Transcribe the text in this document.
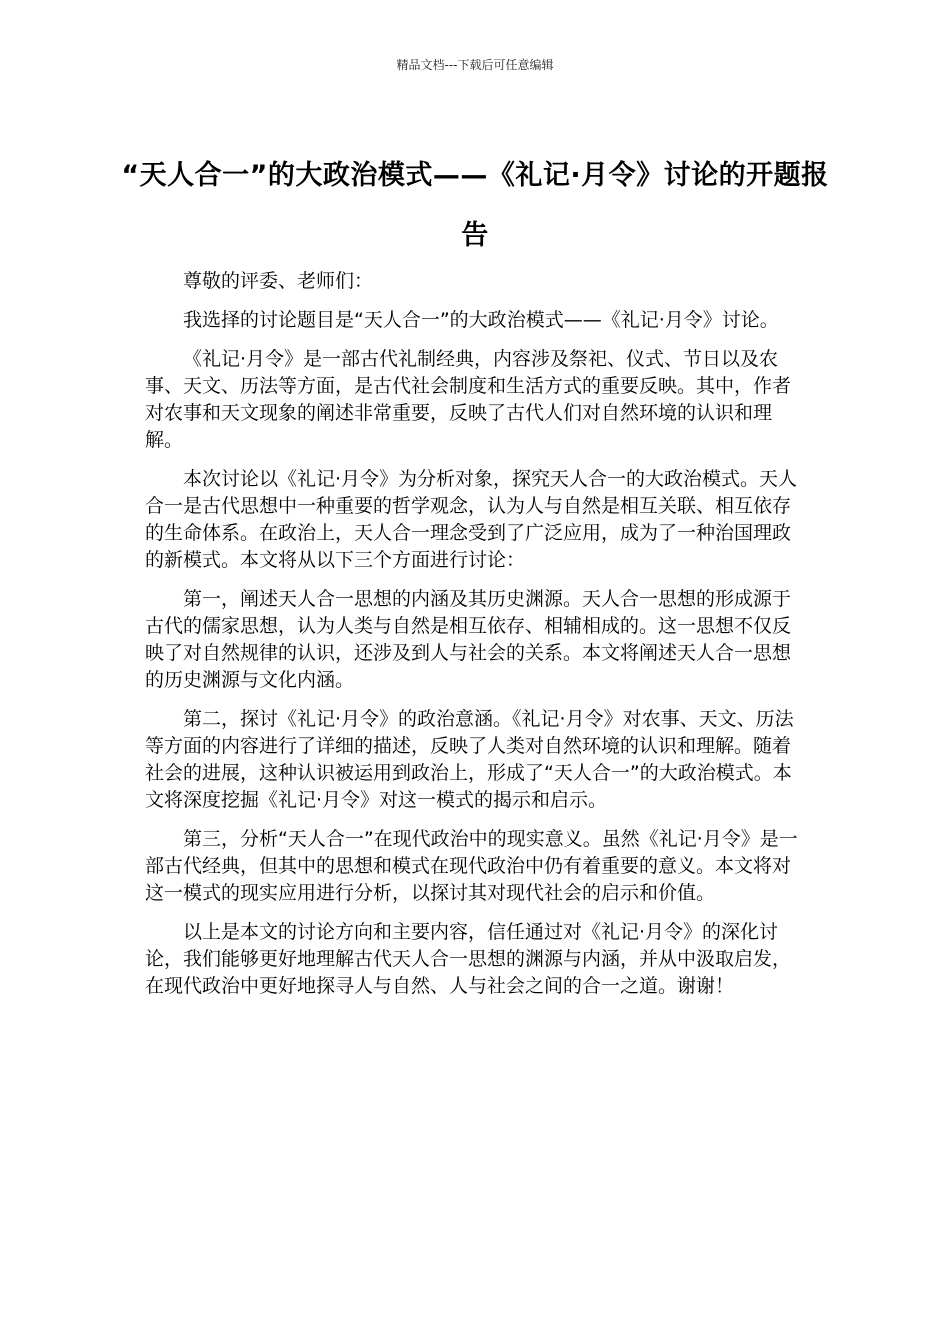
精品文档---下载后可任意编辑
“天人合一”的大政治模式——《礼记·月令》讨论的开题报告

尊敬的评委、老师们：

我选择的讨论题目是“天人合一”的大政治模式——《礼记·月令》讨论。

《礼记·月令》是一部古代礼制经典，内容涉及祭祀、仪式、节日以及农事、天文、历法等方面，是古代社会制度和生活方式的重要反映。其中，作者对农事和天文现象的阐述非常重要，反映了古代人们对自然环境的认识和理解。

本次讨论以《礼记·月令》为分析对象，探究天人合一的大政治模式。天人合一是古代思想中一种重要的哲学观念，认为人与自然是相互关联、相互依存的生命体系。在政治上，天人合一理念受到了广泛应用，成为了一种治国理政的新模式。本文将从以下三个方面进行讨论：

第一，阐述天人合一思想的内涵及其历史渊源。天人合一思想的形成源于古代的儒家思想，认为人类与自然是相互依存、相辅相成的。这一思想不仅反映了对自然规律的认识，还涉及到人与社会的关系。本文将阐述天人合一思想的历史渊源与文化内涵。

第二，探讨《礼记·月令》的政治意涵。《礼记·月令》对农事、天文、历法等方面的内容进行了详细的描述，反映了人类对自然环境的认识和理解。随着社会的进展，这种认识被运用到政治上，形成了“天人合一”的大政治模式。本文将深度挖掘《礼记·月令》对这一模式的揭示和启示。

第三，分析“天人合一”在现代政治中的现实意义。虽然《礼记·月令》是一部古代经典，但其中的思想和模式在现代政治中仍有着重要的意义。本文将对这一模式的现实应用进行分析，以探讨其对现代社会的启示和价值。

以上是本文的讨论方向和主要内容，信任通过对《礼记·月令》的深化讨论，我们能够更好地理解古代天人合一思想的渊源与内涵，并从中汲取启发，在现代政治中更好地探寻人与自然、人与社会之间的合一之道。谢谢！
